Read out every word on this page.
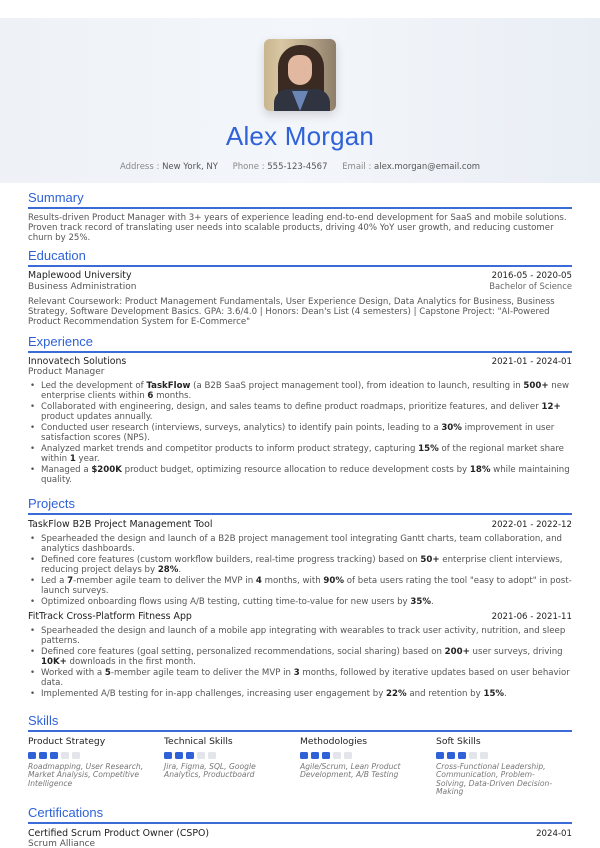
Alex Morgan
Address : New York, NY Phone : 555-123-4567 Email : alex.morgan@email.com
Summary
Results-driven Product Manager with 3+ years of experience leading end-to-end development for SaaS and mobile solutions. Proven track record of translating user needs into scalable products, driving 40% YoY user growth, and reducing customer churn by 25%.
Education
Maplewood University	2016-05 - 2020-05
Business Administration	Bachelor of Science
Relevant Coursework: Product Management Fundamentals, User Experience Design, Data Analytics for Business, Business Strategy, Software Development Basics. GPA: 3.6/4.0 | Honors: Dean's List (4 semesters) | Capstone Project: "AI-Powered Product Recommendation System for E-Commerce"
Experience
Innovatech Solutions	2021-01 - 2024-01
Product Manager
• Led the development of TaskFlow (a B2B SaaS project management tool), from ideation to launch, resulting in 500+ new enterprise clients within 6 months.
• Collaborated with engineering, design, and sales teams to define product roadmaps, prioritize features, and deliver 12+ product updates annually.
• Conducted user research (interviews, surveys, analytics) to identify pain points, leading to a 30% improvement in user satisfaction scores (NPS).
• Analyzed market trends and competitor products to inform product strategy, capturing 15% of the regional market share within 1 year.
• Managed a $200K product budget, optimizing resource allocation to reduce development costs by 18% while maintaining quality.
Projects
TaskFlow B2B Project Management Tool	2022-01 - 2022-12
• Spearheaded the design and launch of a B2B project management tool integrating Gantt charts, team collaboration, and analytics dashboards.
• Defined core features (custom workflow builders, real-time progress tracking) based on 50+ enterprise client interviews, reducing project delays by 28%.
• Led a 7-member agile team to deliver the MVP in 4 months, with 90% of beta users rating the tool "easy to adopt" in post-launch surveys.
• Optimized onboarding flows using A/B testing, cutting time-to-value for new users by 35%.
FitTrack Cross-Platform Fitness App	2021-06 - 2021-11
• Spearheaded the design and launch of a mobile app integrating with wearables to track user activity, nutrition, and sleep patterns.
• Defined core features (goal setting, personalized recommendations, social sharing) based on 200+ user surveys, driving 10K+ downloads in the first month.
• Worked with a 5-member agile team to deliver the MVP in 3 months, followed by iterative updates based on user behavior data.
• Implemented A/B testing for in-app challenges, increasing user engagement by 22% and retention by 15%.
Skills
Product Strategy
Roadmapping, User Research, Market Analysis, Competitive Intelligence
Technical Skills
Jira, Figma, SQL, Google Analytics, Productboard
Methodologies
Agile/Scrum, Lean Product Development, A/B Testing
Soft Skills
Cross-Functional Leadership, Communication, Problem-Solving, Data-Driven Decision-Making
Certifications
Certified Scrum Product Owner (CSPO)	2024-01
Scrum Alliance
